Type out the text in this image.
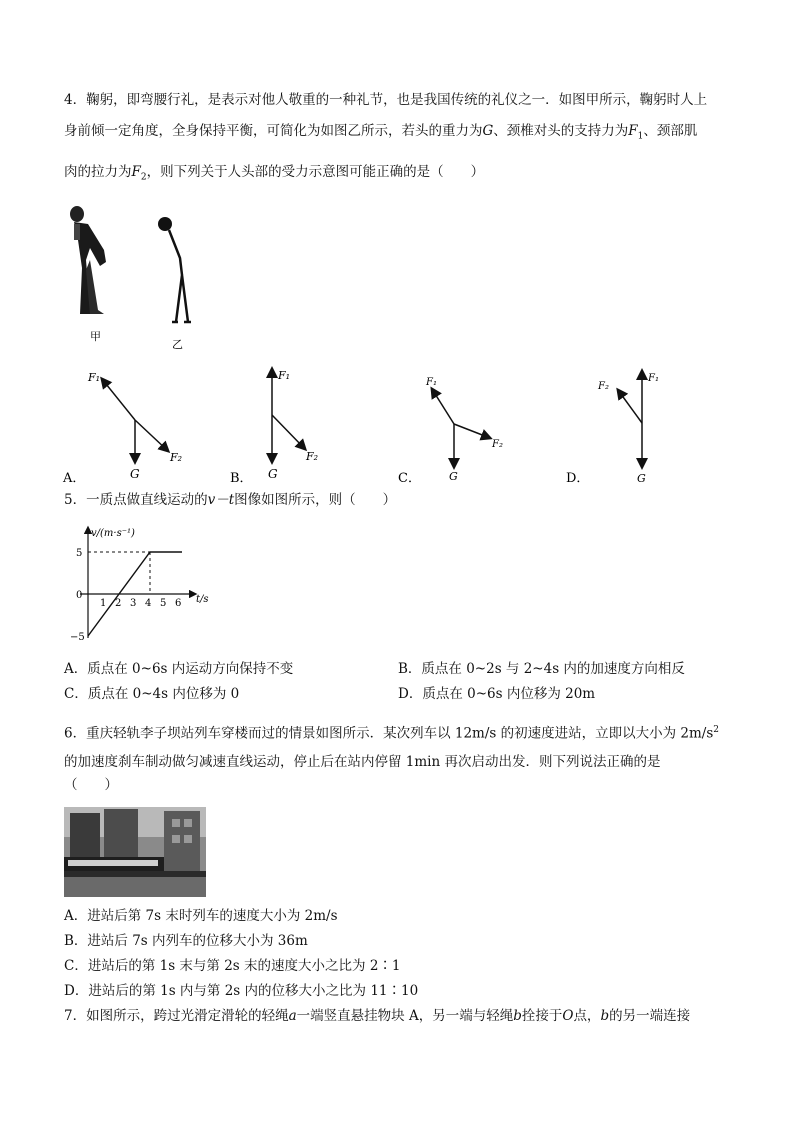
4．鞠躬，即弯腰行礼，是表示对他人敬重的一种礼节，也是我国传统的礼仪之一．如图甲所示，鞠躬时人上
身前倾一定角度，全身保持平衡，可简化为如图乙所示，若头的重力为G、颈椎对头的支持力为$F_1$、颈部肌
肉的拉力为$F_2$，则下列关于人头部的受力示意图可能正确的是（　　）
甲
乙
F₁
F₂
G
A．
F₁
F₂
G
B．
F₁
F₂
G
C．
F₁
F₂
G
D．
5．一质点做直线运动的v－t图像如图所示，则（　　）
v/(m·s⁻¹)
t/s
5
0
−5
1 2 3 4 5 6
A．质点在 0~6s 内运动方向保持不变	B．质点在 0~2s 与 2~4s 内的加速度方向相反
C．质点在 0~4s 内位移为 0	D．质点在 0~6s 内位移为 20m
6．重庆轻轨李子坝站列车穿楼而过的情景如图所示．某次列车以 12m/s 的初速度进站，立即以大小为 $2m/s^2$
的加速度刹车制动做匀减速直线运动，停止后在站内停留 1min 再次启动出发．则下列说法正确的是
（　　）
A．进站后第 7s 末时列车的速度大小为 2m/s
B．进站后 7s 内列车的位移大小为 36m
C．进站后的第 1s 末与第 2s 末的速度大小之比为 2∶1
D．进站后的第 1s 内与第 2s 内的位移大小之比为 11∶10
7．如图所示，跨过光滑定滑轮的轻绳a一端竖直悬挂物块 A，另一端与轻绳b拴接于O点，b的另一端连接
